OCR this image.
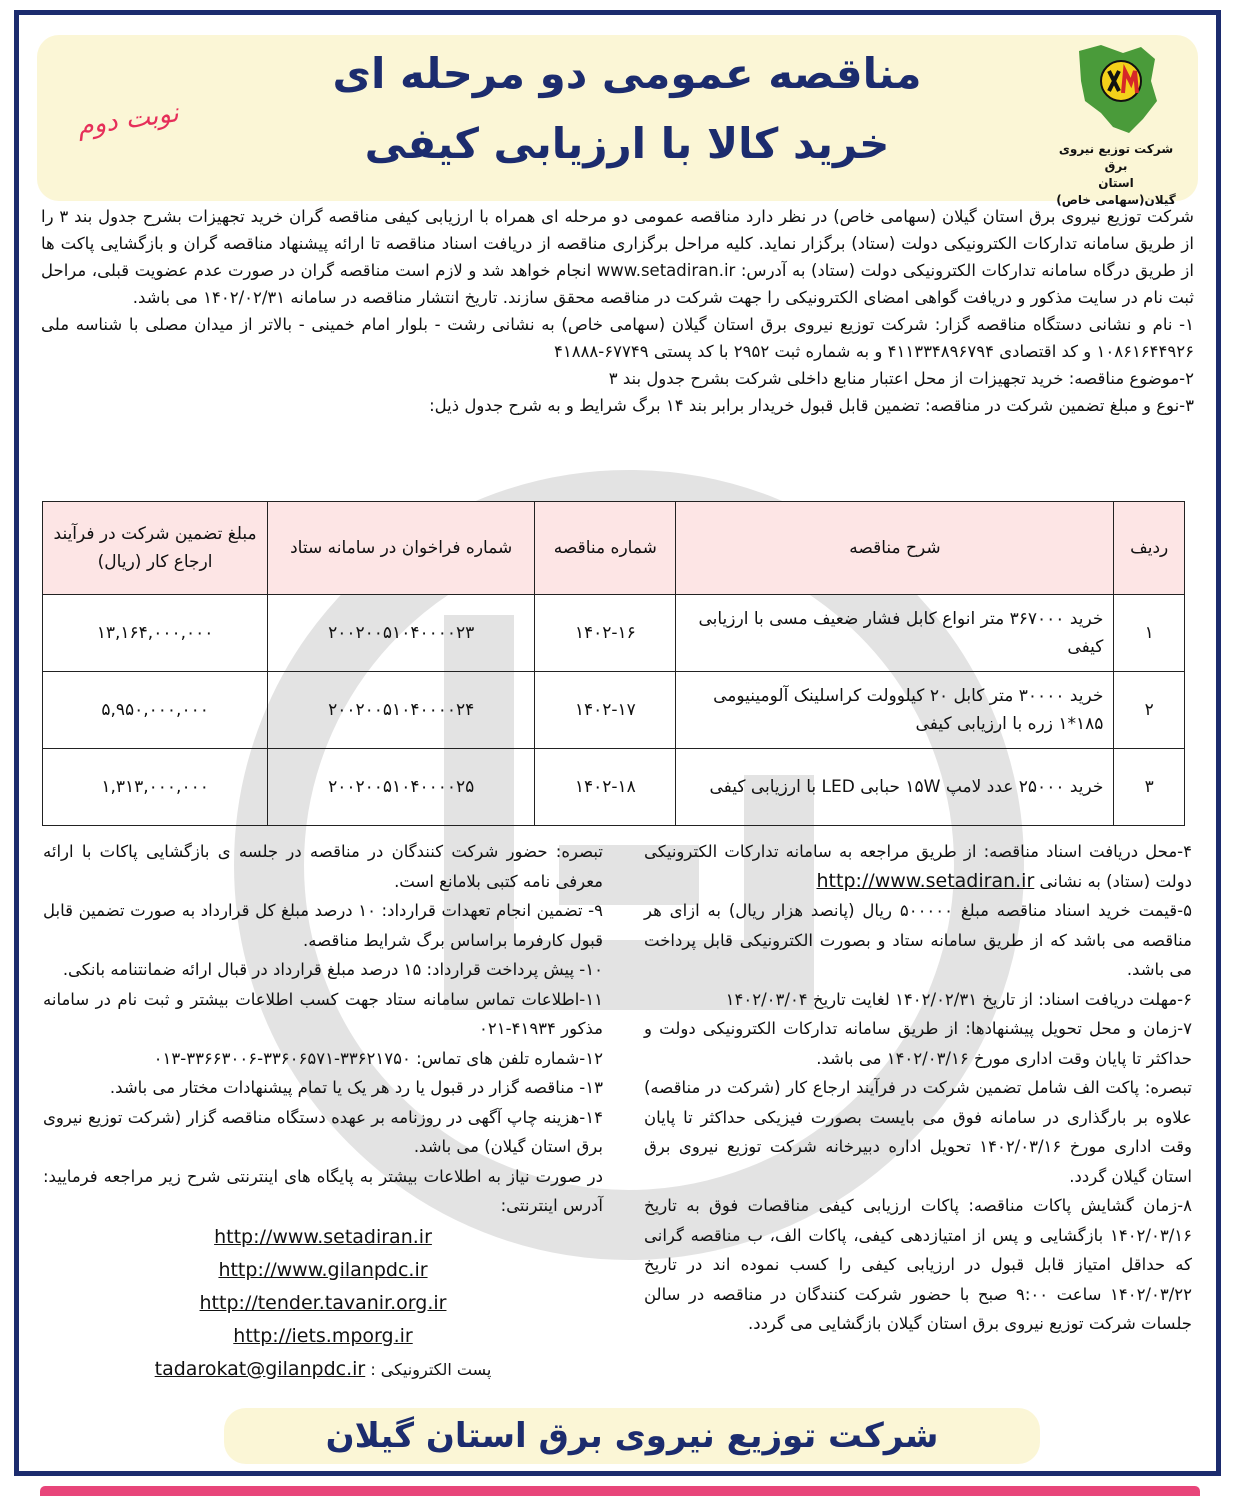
شرکت توزیع نیروی برق
استان گیلان(سهامی خاص)
مناقصه عمومی دو مرحله ای
خرید کالا با ارزیابی کیفی
نوبت دوم

شرکت توزیع نیروی برق استان گیلان (سهامی خاص) در نظر دارد مناقصه عمومی دو مرحله ای همراه با ارزیابی کیفی مناقصه گران خرید تجهیزات بشرح جدول بند ۳ را از طریق سامانه تدارکات الکترونیکی دولت (ستاد) برگزار نماید. کلیه مراحل برگزاری مناقصه از دریافت اسناد مناقصه تا ارائه پیشنهاد مناقصه گران و بازگشایی پاکت ها از طریق درگاه سامانه تدارکات الکترونیکی دولت (ستاد) به آدرس: www.setadiran.ir انجام خواهد شد و لازم است مناقصه گران در صورت عدم عضویت قبلی، مراحل ثبت نام در سایت مذکور و دریافت گواهی امضای الکترونیکی را جهت شرکت در مناقصه محقق سازند. تاریخ انتشار مناقصه در سامانه ۱۴۰۲/۰۲/۳۱ می باشد.

۱- نام و نشانی دستگاه مناقصه گزار: شرکت توزیع نیروی برق استان گیلان (سهامی خاص) به نشانی رشت - بلوار امام خمینی - بالاتر از میدان مصلی با شناسه ملی ۱۰۸۶۱۶۴۴۹۲۶ و کد اقتصادی ۴۱۱۳۳۴۸۹۶۷۹۴ و به شماره ثبت ۲۹۵۲ با کد پستی ۶۷۷۴۹-۴۱۸۸۸

۲-موضوع مناقصه: خرید تجهیزات از محل اعتبار منابع داخلی شرکت بشرح جدول بند ۳

۳-نوع و مبلغ تضمین شرکت در مناقصه: تضمین قابل قبول خریدار برابر بند ۱۴ برگ شرایط و به شرح جدول ذیل:

ردیف	شرح مناقصه	شماره مناقصه	شماره فراخوان در سامانه ستاد	مبلغ تضمین شرکت در فرآیند ارجاع کار (ریال)
۱	خرید ۳۶۷۰۰۰ متر انواع کابل فشار ضعیف مسی با ارزیابی کیفی	۱۴۰۲-۱۶	۲۰۰۲۰۰۵۱۰۴۰۰۰۰۲۳	۱۳,۱۶۴,۰۰۰,۰۰۰
۲	خرید ۳۰۰۰۰ متر کابل ۲۰ کیلوولت کراسلینک آلومینیومی ۱۸۵*۱ زره با ارزیابی کیفی	۱۴۰۲-۱۷	۲۰۰۲۰۰۵۱۰۴۰۰۰۰۲۴	۵,۹۵۰,۰۰۰,۰۰۰
۳	خرید ۲۵۰۰۰ عدد لامپ ۱۵W حبابی LED با ارزیابی کیفی	۱۴۰۲-۱۸	۲۰۰۲۰۰۵۱۰۴۰۰۰۰۲۵	۱,۳۱۳,۰۰۰,۰۰۰

۴-محل دریافت اسناد مناقصه: از طریق مراجعه به سامانه تدارکات الکترونیکی دولت (ستاد) به نشانی http://www.setadiran.ir

۵-قیمت خرید اسناد مناقصه مبلغ ۵۰۰۰۰۰ ریال (پانصد هزار ریال) به ازای هر مناقصه می باشد که از طریق سامانه ستاد و بصورت الکترونیکی قابل پرداخت می باشد.

۶-مهلت دریافت اسناد: از تاریخ ۱۴۰۲/۰۲/۳۱ لغایت تاریخ ۱۴۰۲/۰۳/۰۴

۷-زمان و محل تحویل پیشنهادها: از طریق سامانه تدارکات الکترونیکی دولت و حداکثر تا پایان وقت اداری مورخ ۱۴۰۲/۰۳/۱۶ می باشد.

تبصره: پاکت الف شامل تضمین شرکت در فرآیند ارجاع کار (شرکت در مناقصه) علاوه بر بارگذاری در سامانه فوق می بایست بصورت فیزیکی حداکثر تا پایان وقت اداری مورخ ۱۴۰۲/۰۳/۱۶ تحویل اداره دبیرخانه شرکت توزیع نیروی برق استان گیلان گردد.

۸-زمان گشایش پاکات مناقصه: پاکات ارزیابی کیفی مناقصات فوق به تاریخ ۱۴۰۲/۰۳/۱۶ بازگشایی و پس از امتیازدهی کیفی، پاکات الف، ب مناقصه گرانی که حداقل امتیاز قابل قبول در ارزیابی کیفی را کسب نموده اند در تاریخ ۱۴۰۲/۰۳/۲۲ ساعت ۹:۰۰ صبح با حضور شرکت کنندگان در مناقصه در سالن جلسات شرکت توزیع نیروی برق استان گیلان بازگشایی می گردد.

تبصره: حضور شرکت کنندگان در مناقصه در جلسه ی بازگشایی پاکات با ارائه معرفی نامه کتبی بلامانع است.

۹- تضمین انجام تعهدات قرارداد: ۱۰ درصد مبلغ کل قرارداد به صورت تضمین قابل قبول کارفرما براساس برگ شرایط مناقصه.

۱۰- پیش پرداخت قرارداد: ۱۵ درصد مبلغ قرارداد در قبال ارائه ضمانتنامه بانکی.

۱۱-اطلاعات تماس سامانه ستاد جهت کسب اطلاعات بیشتر و ثبت نام در سامانه مذکور ۴۱۹۳۴-۰۲۱

۱۲-شماره تلفن های تماس: ۳۳۶۲۱۷۵۰-۳۳۶۰۶۵۷۱-۳۳۶۶۳۰۰۶-۰۱۳

۱۳- مناقصه گزار در قبول یا رد هر یک یا تمام پیشنهادات مختار می باشد.

۱۴-هزینه چاپ آگهی در روزنامه بر عهده دستگاه مناقصه گزار (شرکت توزیع نیروی برق استان گیلان) می باشد.

در صورت نیاز به اطلاعات بیشتر به پایگاه های اینترنتی شرح زیر مراجعه فرمایید: آدرس اینترنتی:

http://www.setadiran.ir
http://www.gilanpdc.ir
http://tender.tavanir.org.ir
http://iets.mporg.ir
پست الکترونیکی : tadarokat@gilanpdc.ir
شرکت توزیع نیروی برق استان گیلان
